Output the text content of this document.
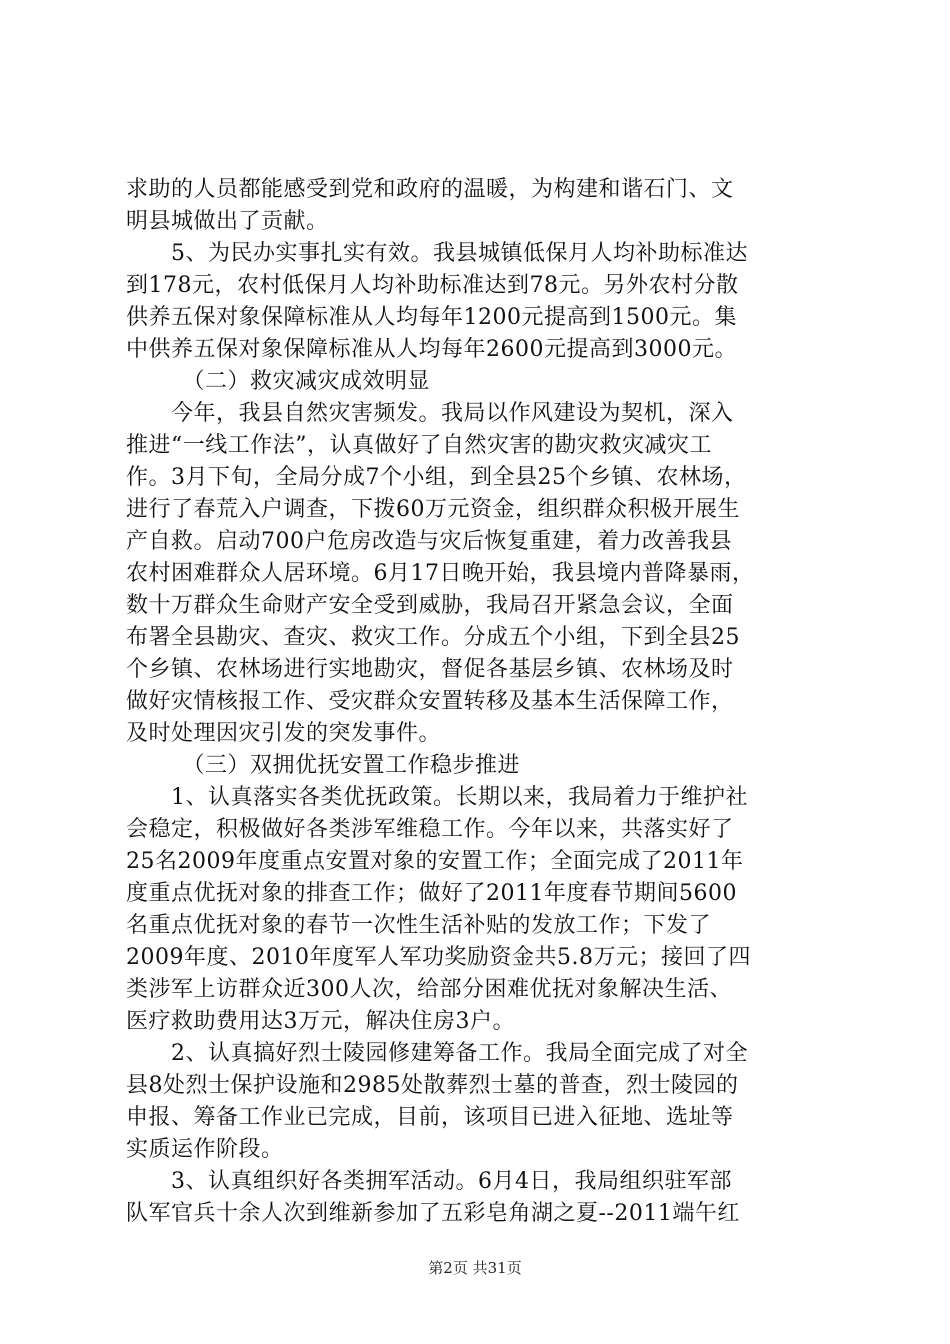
求助的人员都能感受到党和政府的温暖，为构建和谐石门、文
明县城做出了贡献。
　　5、为民办实事扎实有效。我县城镇低保月人均补助标准达
到178元，农村低保月人均补助标准达到78元。另外农村分散
供养五保对象保障标准从人均每年1200元提高到1500元。集
中供养五保对象保障标准从人均每年2600元提高到3000元。
　　　（二）救灾减灾成效明显
　　今年，我县自然灾害频发。我局以作风建设为契机，深入
推进“一线工作法”，认真做好了自然灾害的勘灾救灾减灾工
作。3月下旬，全局分成7个小组，到全县25个乡镇、农林场，
进行了春荒入户调查，下拨60万元资金，组织群众积极开展生
产自救。启动700户危房改造与灾后恢复重建，着力改善我县
农村困难群众人居环境。6月17日晚开始，我县境内普降暴雨，
数十万群众生命财产安全受到威胁，我局召开紧急会议，全面
布署全县勘灾、查灾、救灾工作。分成五个小组，下到全县25
个乡镇、农林场进行实地勘灾，督促各基层乡镇、农林场及时
做好灾情核报工作、受灾群众安置转移及基本生活保障工作，
及时处理因灾引发的突发事件。
　　　（三）双拥优抚安置工作稳步推进
　　1、认真落实各类优抚政策。长期以来，我局着力于维护社
会稳定，积极做好各类涉军维稳工作。今年以来，共落实好了
25名2009年度重点安置对象的安置工作；全面完成了2011年
度重点优抚对象的排查工作；做好了2011年度春节期间5600
名重点优抚对象的春节一次性生活补贴的发放工作；下发了
2009年度、2010年度军人军功奖励资金共5.8万元；接回了四
类涉军上访群众近300人次，给部分困难优抚对象解决生活、
医疗救助费用达3万元，解决住房3户。
　　2、认真搞好烈士陵园修建筹备工作。我局全面完成了对全
县8处烈士保护设施和2985处散葬烈士墓的普查，烈士陵园的
申报、筹备工作业已完成，目前，该项目已进入征地、选址等
实质运作阶段。
　　3、认真组织好各类拥军活动。6月4日，我局组织驻军部
队军官兵十余人次到维新参加了五彩皂角湖之夏--2011端午红
第2页 共31页
